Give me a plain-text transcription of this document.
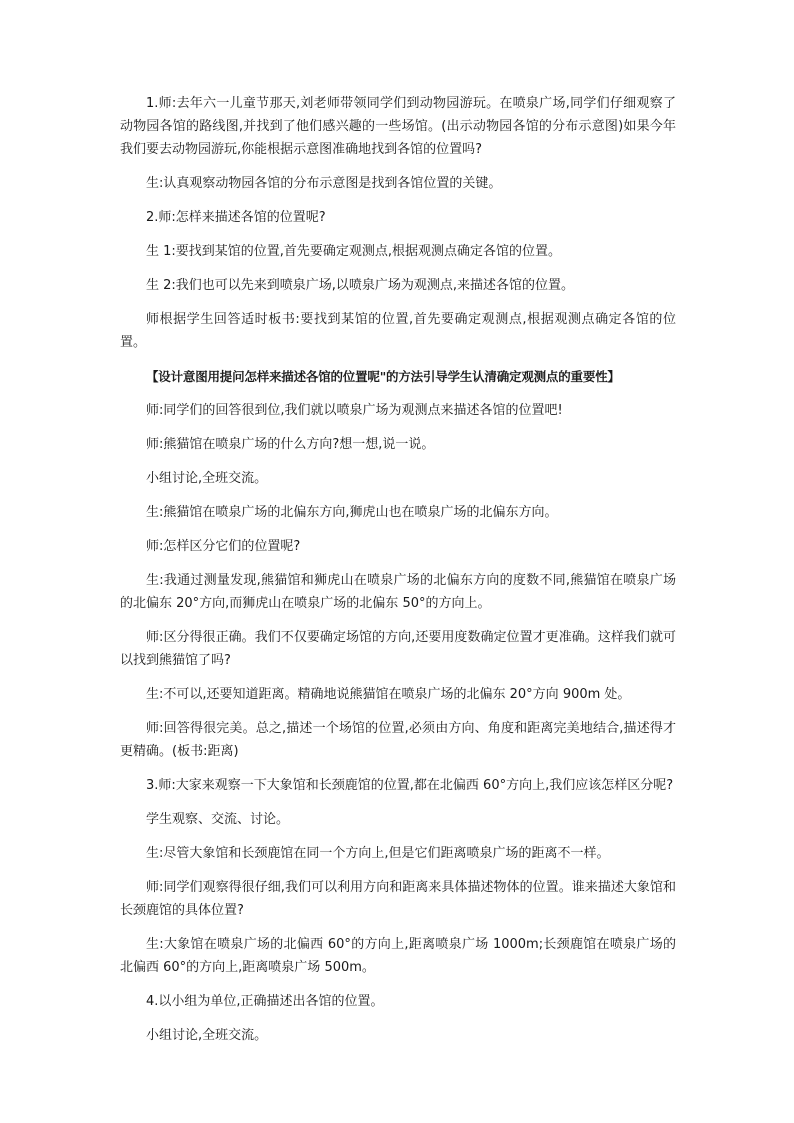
1.师:去年六一儿童节那天,刘老师带领同学们到动物园游玩。在喷泉广场,同学们仔细观察了动物园各馆的路线图,并找到了他们感兴趣的一些场馆。(出示动物园各馆的分布示意图)如果今年我们要去动物园游玩,你能根据示意图准确地找到各馆的位置吗?

生:认真观察动物园各馆的分布示意图是找到各馆位置的关键。

2.师:怎样来描述各馆的位置呢?

生 1:要找到某馆的位置,首先要确定观测点,根据观测点确定各馆的位置。

生 2:我们也可以先来到喷泉广场,以喷泉广场为观测点,来描述各馆的位置。

师根据学生回答适时板书:要找到某馆的位置,首先要确定观测点,根据观测点确定各馆的位置。

【设计意图用提问怎样来描述各馆的位置呢"的方法引导学生认清确定观测点的重要性】

师:同学们的回答很到位,我们就以喷泉广场为观测点来描述各馆的位置吧!

师:熊猫馆在喷泉广场的什么方向?想一想,说一说。

小组讨论,全班交流。

生:熊猫馆在喷泉广场的北偏东方向,狮虎山也在喷泉广场的北偏东方向。

师:怎样区分它们的位置呢?

生:我通过测量发现,熊猫馆和狮虎山在喷泉广场的北偏东方向的度数不同,熊猫馆在喷泉广场的北偏东 20°方向,而狮虎山在喷泉广场的北偏东 50°的方向上。

师:区分得很正确。我们不仅要确定场馆的方向,还要用度数确定位置才更准确。这样我们就可以找到熊猫馆了吗?

生:不可以,还要知道距离。精确地说熊猫馆在喷泉广场的北偏东 20°方向 900m 处。

师:回答得很完美。总之,描述一个场馆的位置,必须由方向、角度和距离完美地结合,描述得才更精确。(板书:距离)

3.师:大家来观察一下大象馆和长颈鹿馆的位置,都在北偏西 60°方向上,我们应该怎样区分呢?

学生观察、交流、讨论。

生:尽管大象馆和长颈鹿馆在同一个方向上,但是它们距离喷泉广场的距离不一样。

师:同学们观察得很仔细,我们可以利用方向和距离来具体描述物体的位置。谁来描述大象馆和长颈鹿馆的具体位置?

生:大象馆在喷泉广场的北偏西 60°的方向上,距离喷泉广场 1000m;长颈鹿馆在喷泉广场的北偏西 60°的方向上,距离喷泉广场 500m。

4.以小组为单位,正确描述出各馆的位置。

小组讨论,全班交流。
